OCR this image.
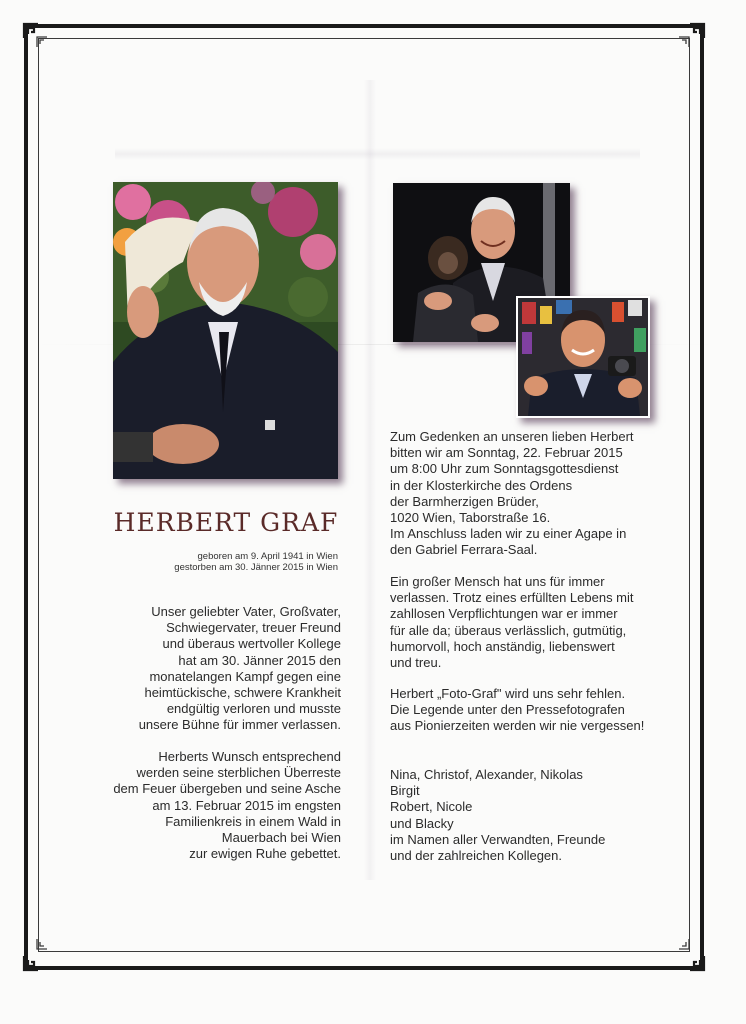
HERBERT GRAF
geboren am 9. April 1941 in Wien
gestorben am 30. Jänner 2015 in Wien
Unser geliebter Vater, Großvater,
Schwiegervater, treuer Freund
und überaus wertvoller Kollege
hat am 30. Jänner 2015 den
monatelangen Kampf gegen eine
heimtückische, schwere Krankheit
endgültig verloren und musste
unsere Bühne für immer verlassen.
Herberts Wunsch entsprechend
werden seine sterblichen Überreste
dem Feuer übergeben und seine Asche
am 13. Februar 2015 im engsten
Familienkreis in einem Wald in
Mauerbach bei Wien
zur ewigen Ruhe gebettet.
Zum Gedenken an unseren lieben Herbert
bitten wir am Sonntag, 22. Februar 2015
um 8:00 Uhr zum Sonntagsgottesdienst
in der Klosterkirche des Ordens
der Barmherzigen Brüder,
1020 Wien, Taborstraße 16.
Im Anschluss laden wir zu einer Agape in
den Gabriel Ferrara-Saal.
Ein großer Mensch hat uns für immer
verlassen. Trotz eines erfüllten Lebens mit
zahllosen Verpflichtungen war er immer
für alle da; überaus verlässlich, gutmütig,
humorvoll, hoch anständig, liebenswert
und treu.
Herbert „Foto-Graf" wird uns sehr fehlen.
Die Legende unter den Pressefotografen
aus Pionierzeiten werden wir nie vergessen!
Nina, Christof, Alexander, Nikolas
Birgit
Robert, Nicole
und Blacky
im Namen aller Verwandten, Freunde
und der zahlreichen Kollegen.
